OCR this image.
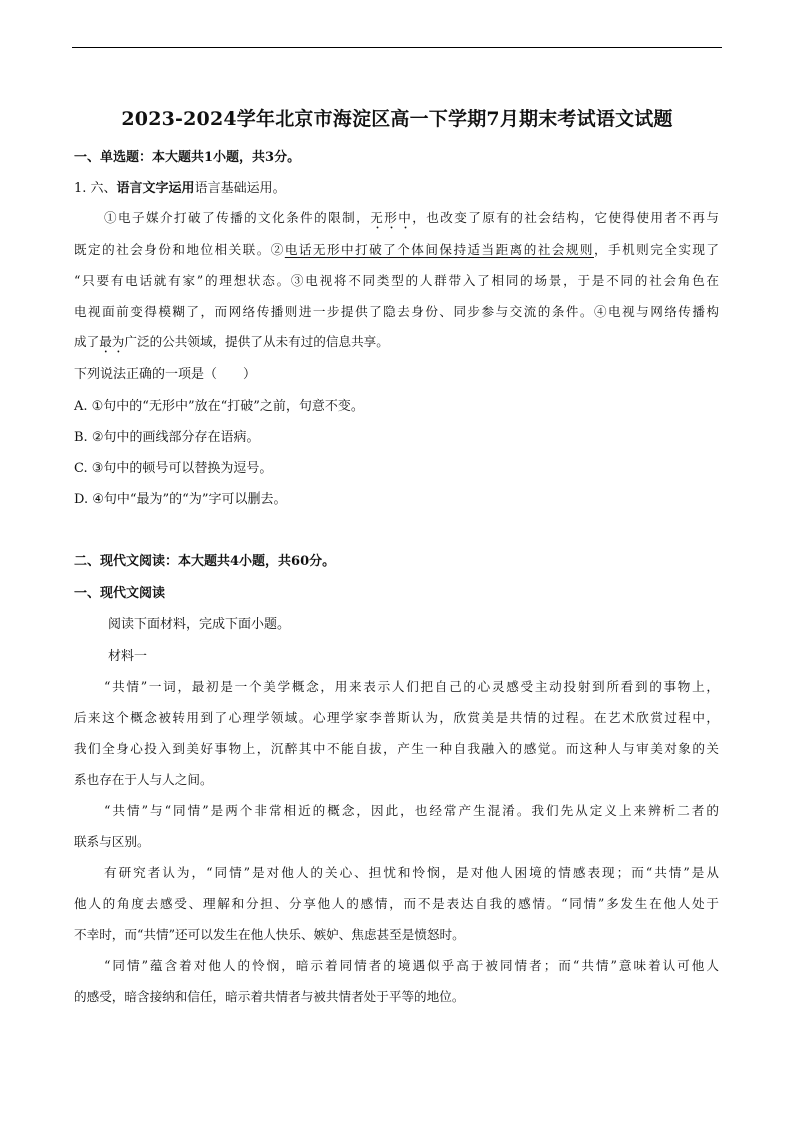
2023-2024学年北京市海淀区高一下学期7月期末考试语文试题
一、单选题：本大题共1小题，共3分。
1. 六、语言文字运用语言基础运用。
①电子媒介打破了传播的文化条件的限制，无形中，也改变了原有的社会结构，它使得使用者不再与
既定的社会身份和地位相关联。②电话无形中打破了个体间保持适当距离的社会规则，手机则完全实现了
“只要有电话就有家”的理想状态。③电视将不同类型的人群带入了相同的场景，于是不同的社会角色在
电视面前变得模糊了，而网络传播则进一步提供了隐去身份、同步参与交流的条件。④电视与网络传播构
成了最为广泛的公共领域，提供了从未有过的信息共享。
下列说法正确的一项是（　　）
A. ①句中的“无形中”放在“打破”之前，句意不变。
B. ②句中的画线部分存在语病。
C. ③句中的顿号可以替换为逗号。
D. ④句中“最为”的“为”字可以删去。
二、现代文阅读：本大题共4小题，共60分。
一、现代文阅读
阅读下面材料，完成下面小题。
材料一
“共情”一词，最初是一个美学概念，用来表示人们把自己的心灵感受主动投射到所看到的事物上，
后来这个概念被转用到了心理学领域。心理学家李普斯认为，欣赏美是共情的过程。在艺术欣赏过程中，
我们全身心投入到美好事物上，沉醉其中不能自拔，产生一种自我融入的感觉。而这种人与审美对象的关
系也存在于人与人之间。
“共情”与“同情”是两个非常相近的概念，因此，也经常产生混淆。我们先从定义上来辨析二者的
联系与区别。
有研究者认为，“同情”是对他人的关心、担忧和怜悯，是对他人困境的情感表现；而“共情”是从
他人的角度去感受、理解和分担、分享他人的感情，而不是表达自我的感情。“同情”多发生在他人处于
不幸时，而“共情”还可以发生在他人快乐、嫉妒、焦虑甚至是愤怒时。
“同情”蕴含着对他人的怜悯，暗示着同情者的境遇似乎高于被同情者；而“共情”意味着认可他人
的感受，暗含接纳和信任，暗示着共情者与被共情者处于平等的地位。
